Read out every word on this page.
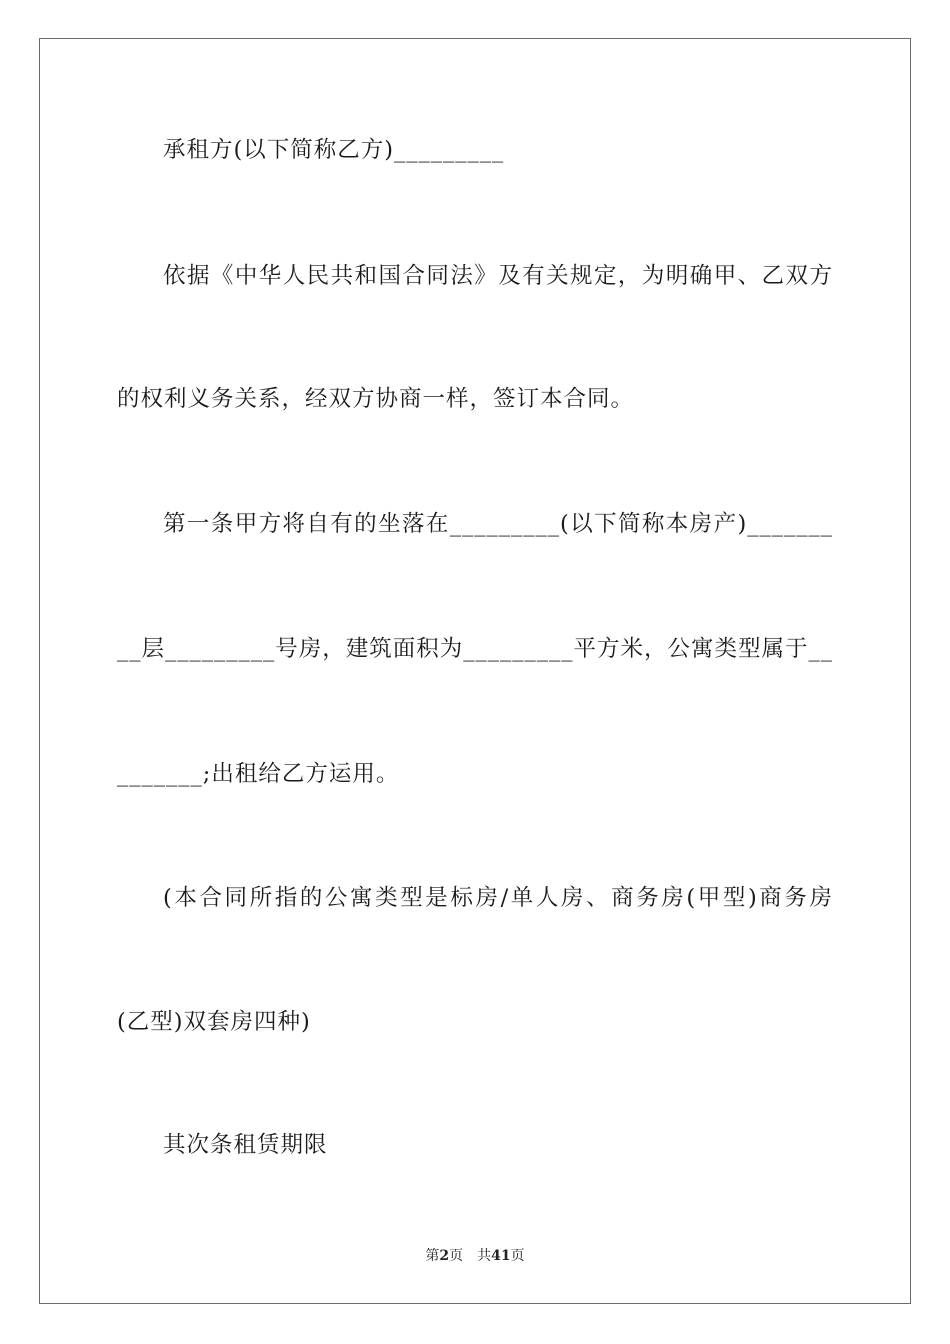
承租方(以下简称乙方)_________
依据《中华人民共和国合同法》及有关规定，为明确甲、乙双方
的权利义务关系，经双方协商一样，签订本合同。
第一条甲方将自有的坐落在_________(以下简称本房产)_______
__层_________号房，建筑面积为_________平方米，公寓类型属于__
_______;出租给乙方运用。
(本合同所指的公寓类型是标房/单人房、商务房(甲型)商务房
(乙型)双套房四种)
其次条租赁期限
第2页 共41页
